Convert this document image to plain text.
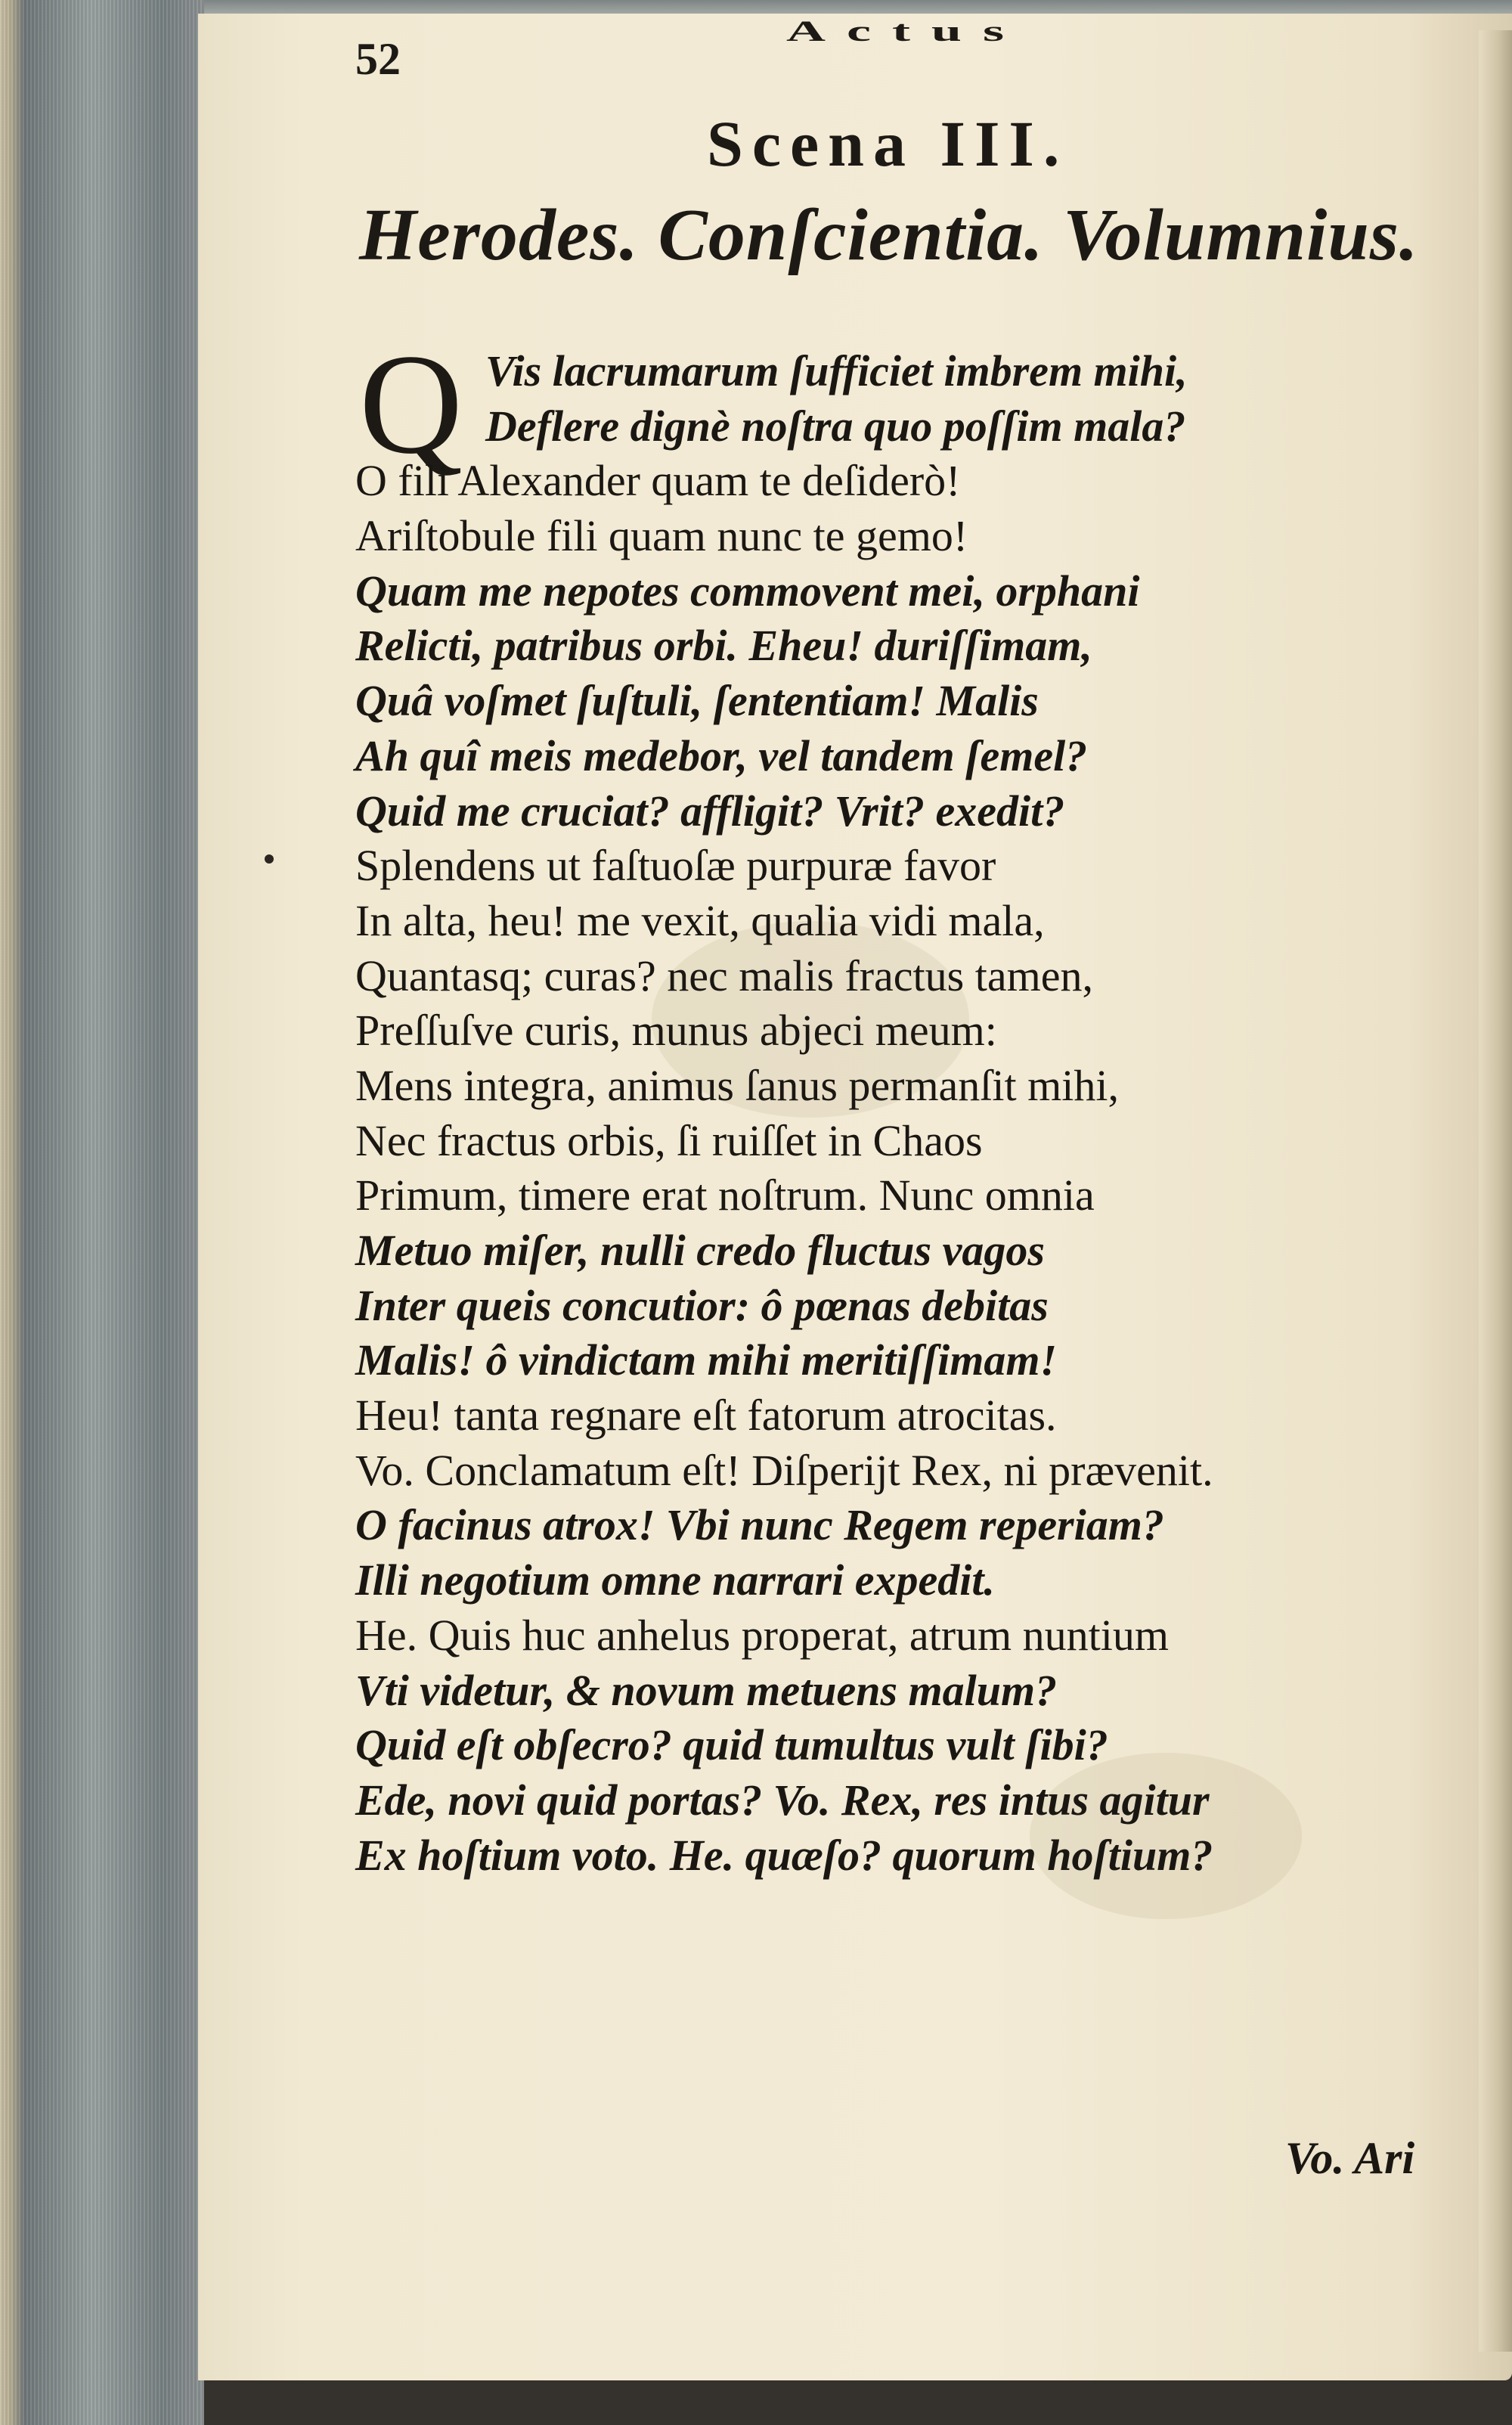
52
Actus
Scena III.
Herodes. Conſcientia. Volumnius.
Q Vis lacrumarum ſufficiet imbrem mihi,
Deflere dignè noſtra quo poſſim mala?
O fili Alexander quam te deſiderò!
Ariſtobule fili quam nunc te gemo!
Quam me nepotes commovent mei, orphani
Relicti, patribus orbi. Eheu! duriſſimam,
Quâ voſmet ſuſtuli, ſententiam! Malis
Ah quî meis medebor, vel tandem ſemel?
Quid me cruciat? affligit? Vrit? exedit?
Splendens ut faſtuoſæ purpuræ favor
In alta, heu! me vexit, qualia vidi mala,
Quantasq; curas? nec malis fractus tamen,
Preſſuſve curis, munus abjeci meum:
Mens integra, animus ſanus permanſit mihi,
Nec fractus orbis, ſi ruiſſet in Chaos
Primum, timere erat noſtrum. Nunc omnia
Metuo miſer, nulli credo fluctus vagos
Inter queis concutior: ô pœnas debitas
Malis! ô vindictam mihi meritiſſimam!
Heu! tanta regnare eſt fatorum atrocitas.
Vo. Conclamatum eſt! Diſperijt Rex, ni prævenit.
O facinus atrox! Vbi nunc Regem reperiam?
Illi negotium omne narrari expedit.
He. Quis huc anhelus properat, atrum nuntium
Vti videtur, & novum metuens malum?
Quid eſt obſecro? quid tumultus vult ſibi?
Ede, novi quid portas? Vo. Rex, res intus agitur
Ex hoſtium voto. He. quæſo? quorum hoſtium?
Vo. Ari
